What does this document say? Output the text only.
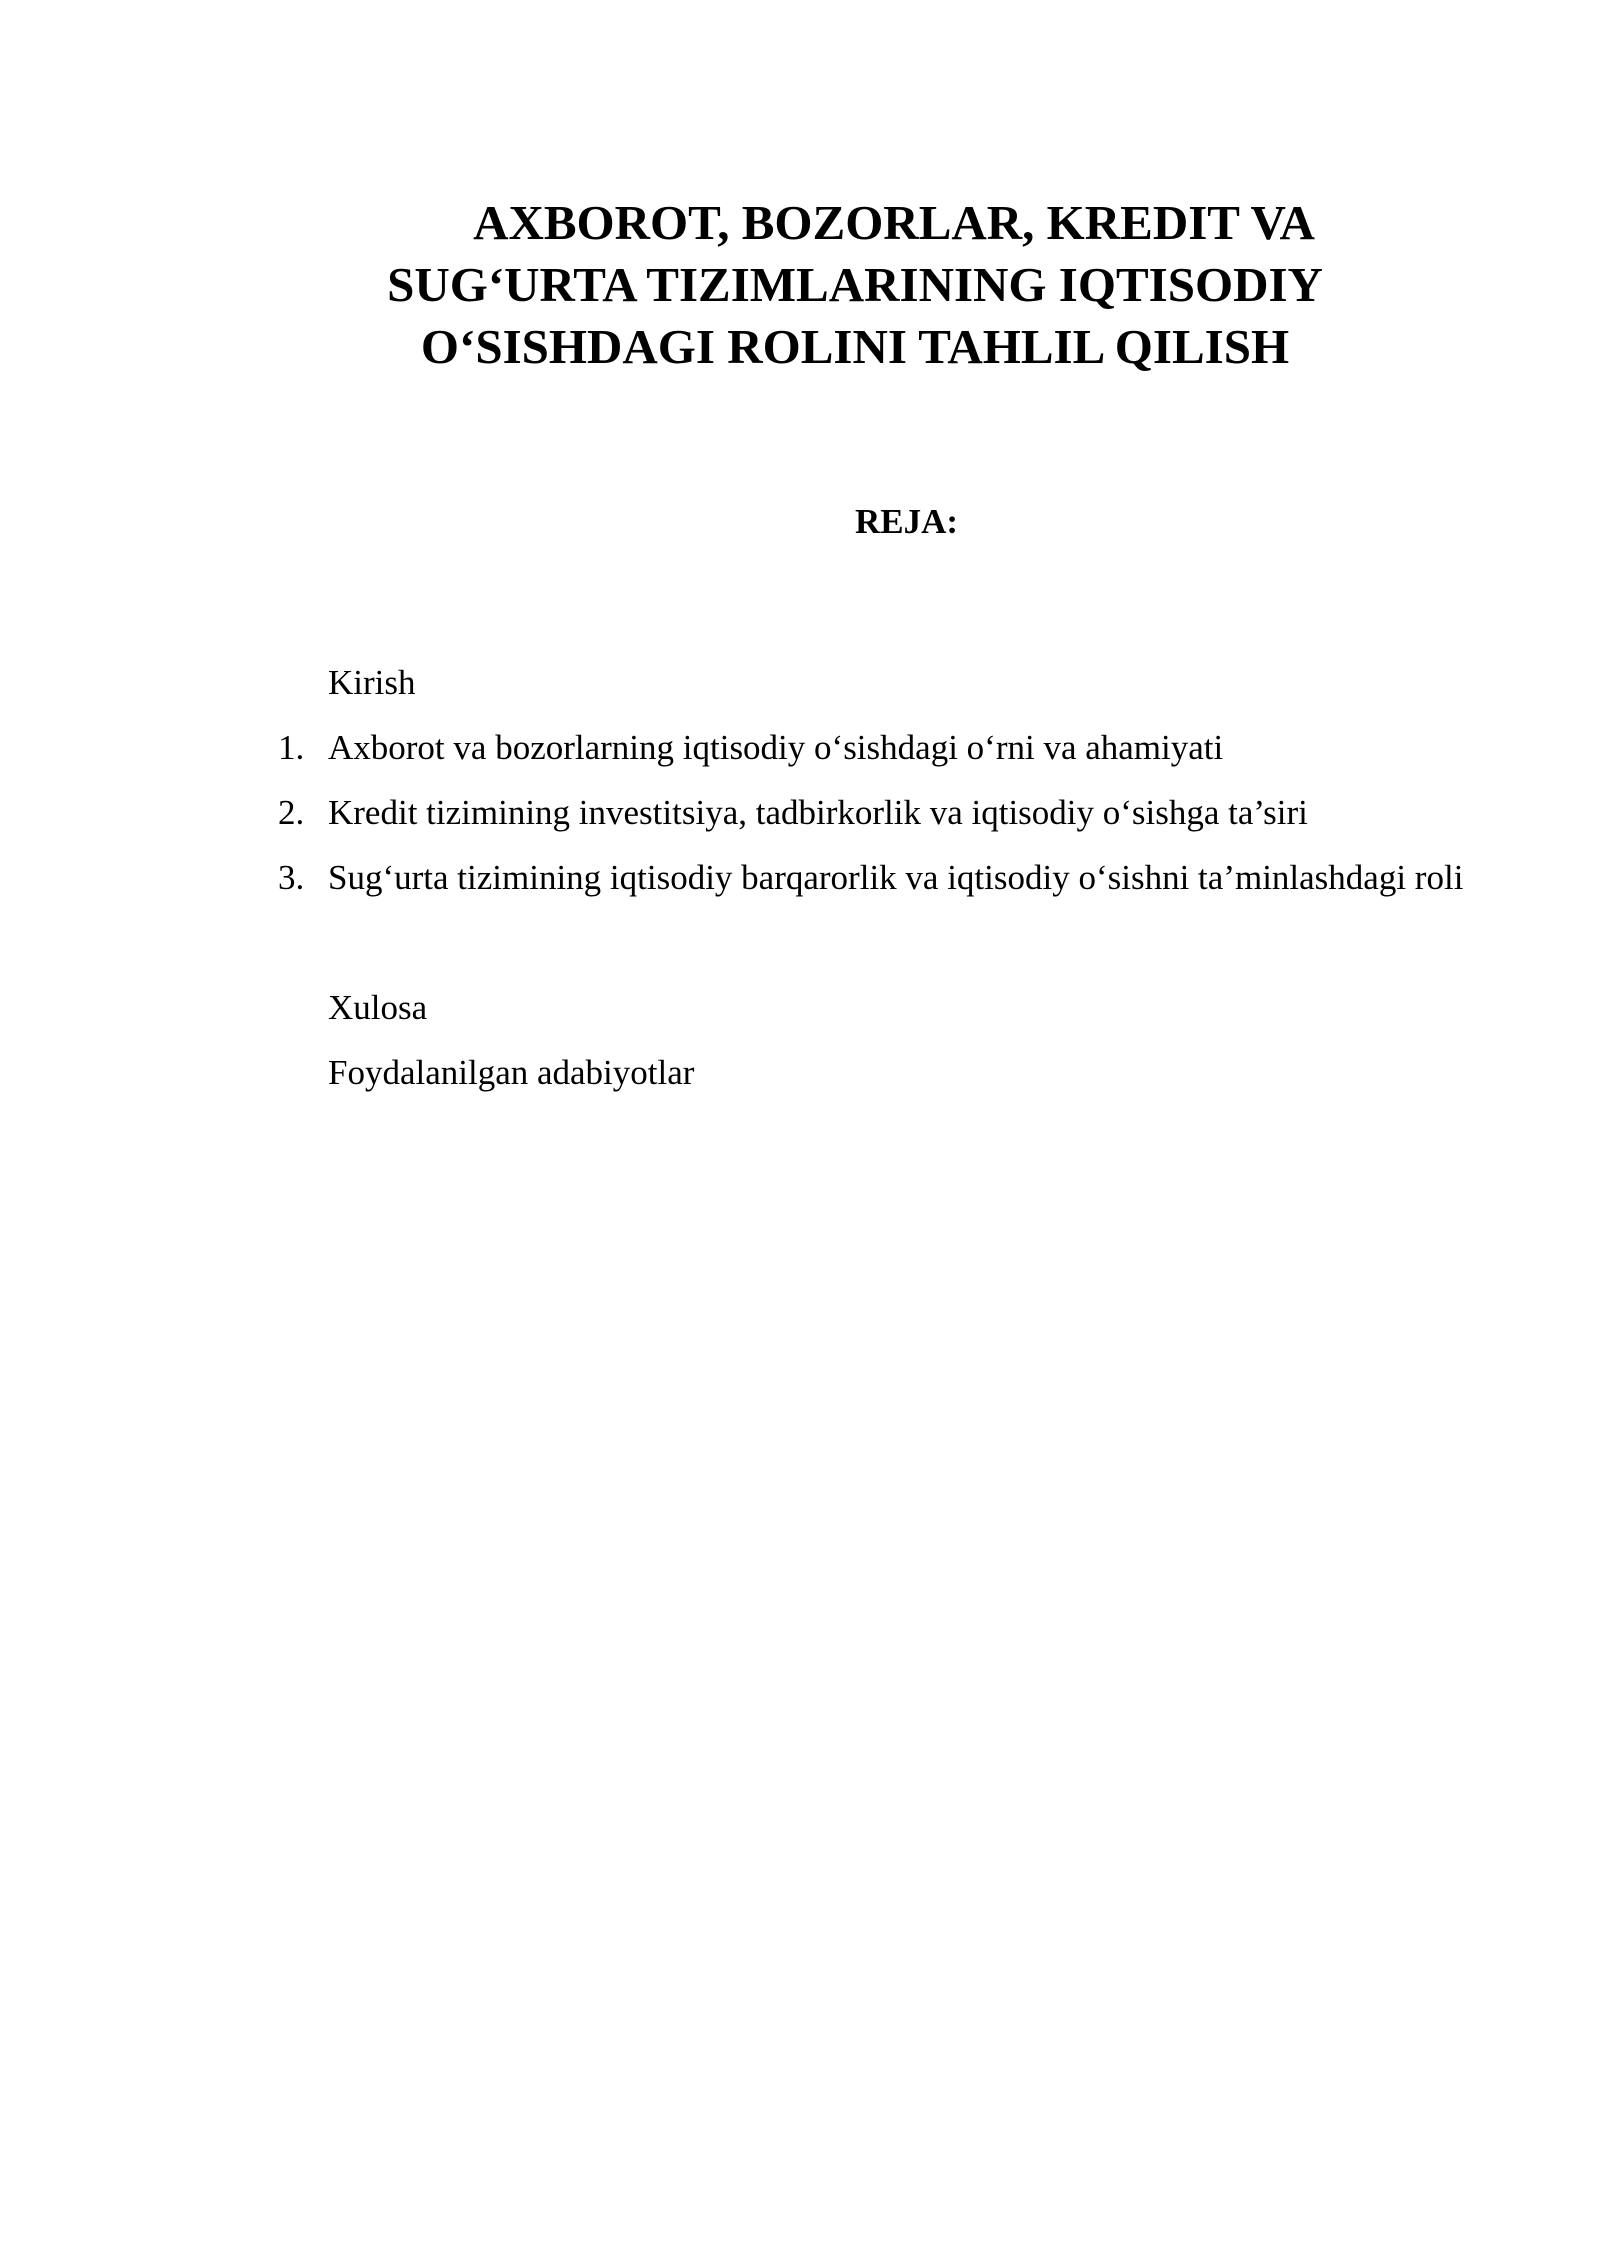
AXBOROT, BOZORLAR, KREDIT VA
SUG‘URTA TIZIMLARINING IQTISODIY
O‘SISHDAGI ROLINI TAHLIL QILISH
REJA:
Kirish
1. Axborot va bozorlarning iqtisodiy o‘sishdagi o‘rni va ahamiyati
2. Kredit tizimining investitsiya, tadbirkorlik va iqtisodiy o‘sishga ta’siri
3. Sug‘urta tizimining iqtisodiy barqarorlik va iqtisodiy o‘sishni ta’minlashdagi roli
Xulosa
Foydalanilgan adabiyotlar
